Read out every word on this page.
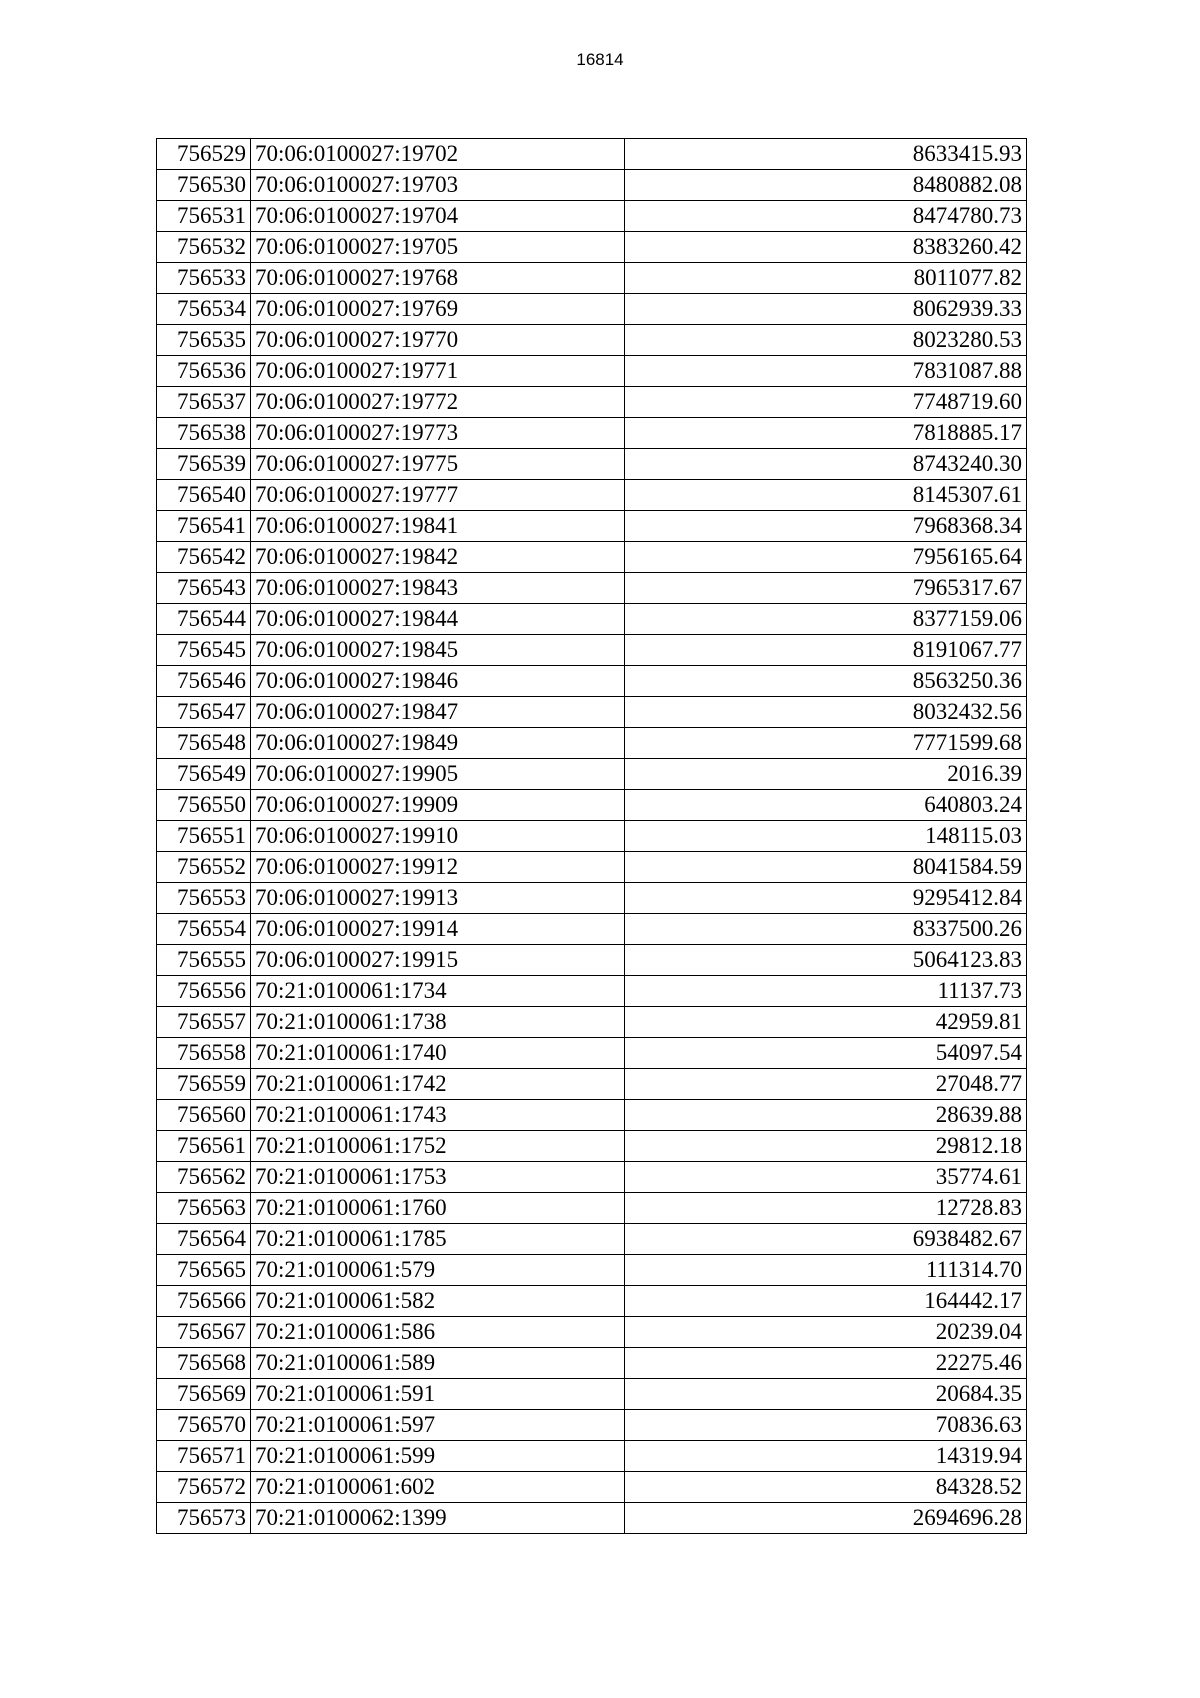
16814
756529	70:06:0100027:19702	8633415.93
756530	70:06:0100027:19703	8480882.08
756531	70:06:0100027:19704	8474780.73
756532	70:06:0100027:19705	8383260.42
756533	70:06:0100027:19768	8011077.82
756534	70:06:0100027:19769	8062939.33
756535	70:06:0100027:19770	8023280.53
756536	70:06:0100027:19771	7831087.88
756537	70:06:0100027:19772	7748719.60
756538	70:06:0100027:19773	7818885.17
756539	70:06:0100027:19775	8743240.30
756540	70:06:0100027:19777	8145307.61
756541	70:06:0100027:19841	7968368.34
756542	70:06:0100027:19842	7956165.64
756543	70:06:0100027:19843	7965317.67
756544	70:06:0100027:19844	8377159.06
756545	70:06:0100027:19845	8191067.77
756546	70:06:0100027:19846	8563250.36
756547	70:06:0100027:19847	8032432.56
756548	70:06:0100027:19849	7771599.68
756549	70:06:0100027:19905	2016.39
756550	70:06:0100027:19909	640803.24
756551	70:06:0100027:19910	148115.03
756552	70:06:0100027:19912	8041584.59
756553	70:06:0100027:19913	9295412.84
756554	70:06:0100027:19914	8337500.26
756555	70:06:0100027:19915	5064123.83
756556	70:21:0100061:1734	11137.73
756557	70:21:0100061:1738	42959.81
756558	70:21:0100061:1740	54097.54
756559	70:21:0100061:1742	27048.77
756560	70:21:0100061:1743	28639.88
756561	70:21:0100061:1752	29812.18
756562	70:21:0100061:1753	35774.61
756563	70:21:0100061:1760	12728.83
756564	70:21:0100061:1785	6938482.67
756565	70:21:0100061:579	111314.70
756566	70:21:0100061:582	164442.17
756567	70:21:0100061:586	20239.04
756568	70:21:0100061:589	22275.46
756569	70:21:0100061:591	20684.35
756570	70:21:0100061:597	70836.63
756571	70:21:0100061:599	14319.94
756572	70:21:0100061:602	84328.52
756573	70:21:0100062:1399	2694696.28
